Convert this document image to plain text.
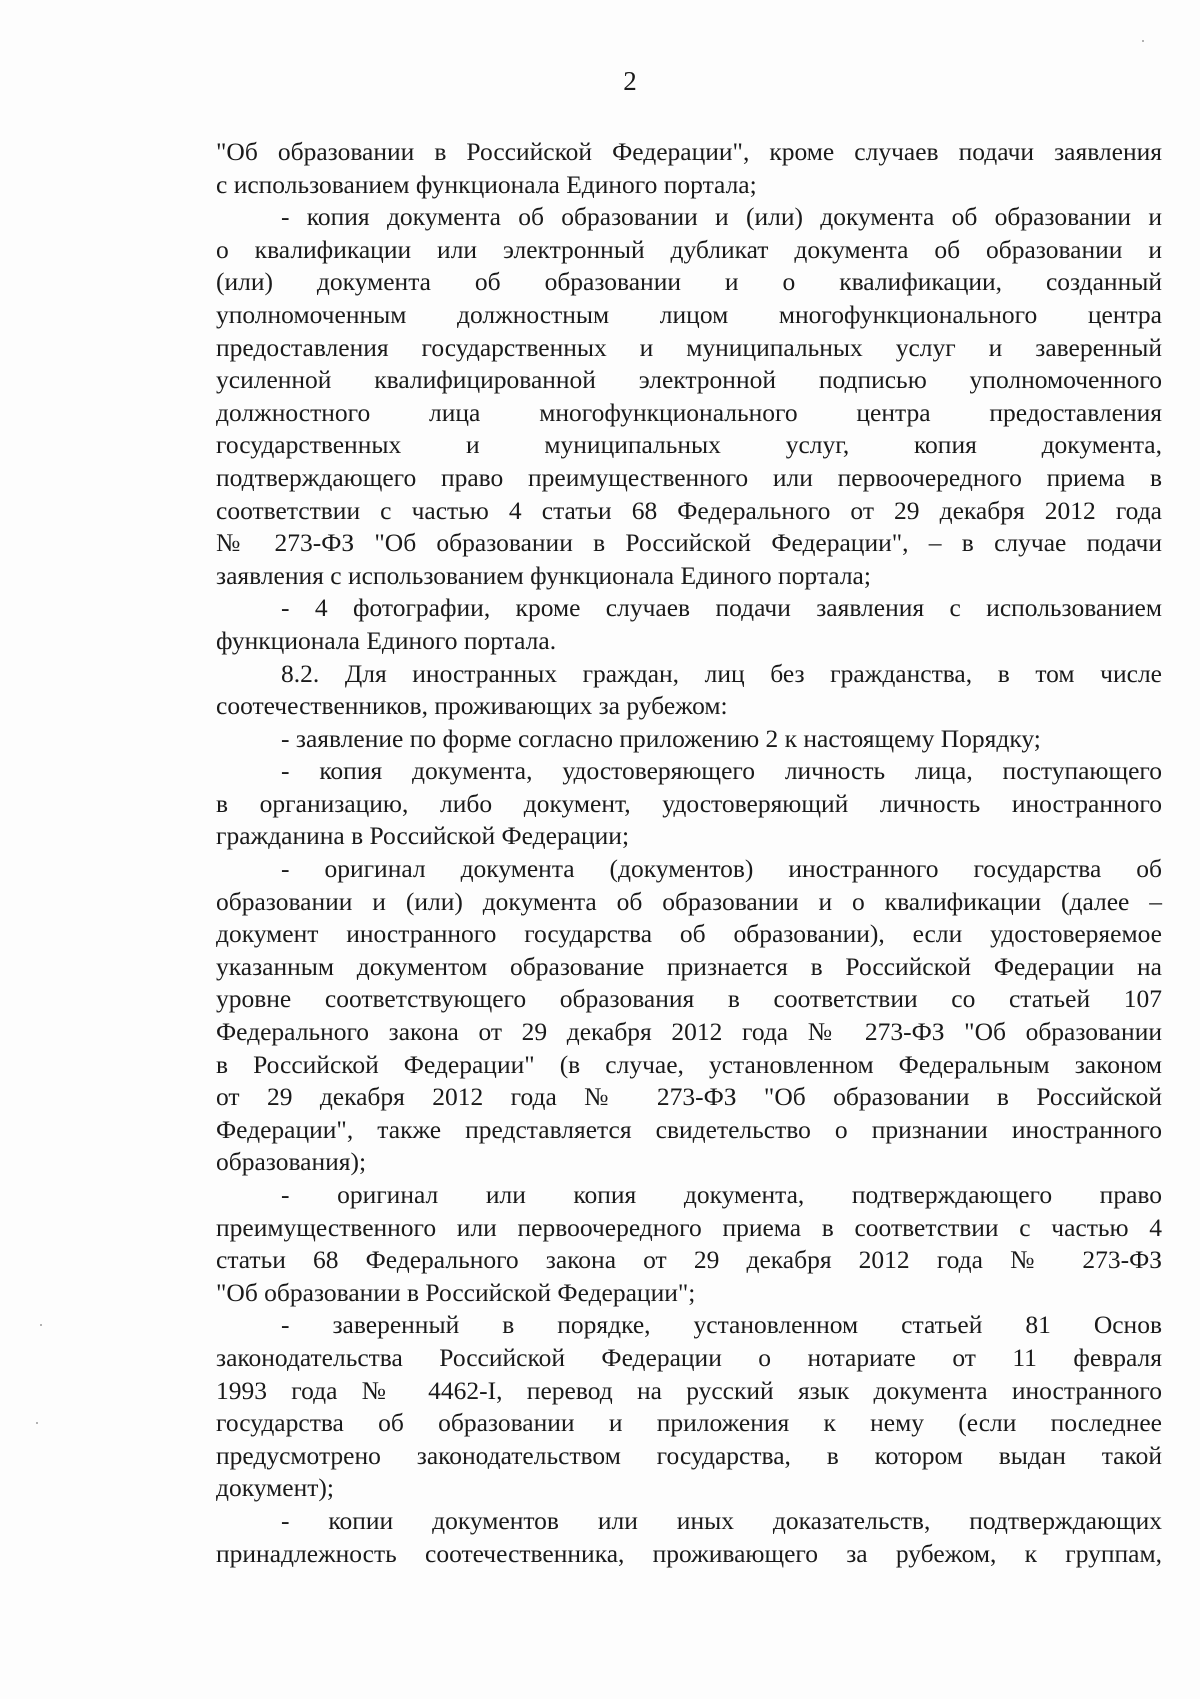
2

"Об образовании в Российской Федерации", кроме случаев подачи заявления
с использованием функционала Единого портала;

- копия документа об образовании и (или) документа об образовании и
о квалификации или электронный дубликат документа об образовании и
(или) документа об образовании и о квалификации, созданный
уполномоченным должностным лицом многофункционального центра
предоставления государственных и муниципальных услуг и заверенный
усиленной квалифицированной электронной подписью уполномоченного
должностного лица многофункционального центра предоставления
государственных и муниципальных услуг, копия документа,
подтверждающего право преимущественного или первоочередного приема в
соответствии с частью 4 статьи 68 Федерального от 29 декабря 2012 года
№ 273-ФЗ "Об образовании в Российской Федерации", – в случае подачи
заявления с использованием функционала Единого портала;

- 4 фотографии, кроме случаев подачи заявления с использованием
функционала Единого портала.

8.2. Для иностранных граждан, лиц без гражданства, в том числе
соотечественников, проживающих за рубежом:

- заявление по форме согласно приложению 2 к настоящему Порядку;

- копия документа, удостоверяющего личность лица, поступающего
в организацию, либо документ, удостоверяющий личность иностранного
гражданина в Российской Федерации;

- оригинал документа (документов) иностранного государства об
образовании и (или) документа об образовании и о квалификации (далее –
документ иностранного государства об образовании), если удостоверяемое
указанным документом образование признается в Российской Федерации на
уровне соответствующего образования в соответствии со статьей 107
Федерального закона от 29 декабря 2012 года № 273-ФЗ "Об образовании
в Российской Федерации" (в случае, установленном Федеральным законом
от 29 декабря 2012 года № 273-ФЗ "Об образовании в Российской
Федерации", также представляется свидетельство о признании иностранного
образования);

- оригинал или копия документа, подтверждающего право
преимущественного или первоочередного приема в соответствии с частью 4
статьи 68 Федерального закона от 29 декабря 2012 года № 273-ФЗ
"Об образовании в Российской Федерации";

- заверенный в порядке, установленном статьей 81 Основ
законодательства Российской Федерации о нотариате от 11 февраля
1993 года № 4462-I, перевод на русский язык документа иностранного
государства об образовании и приложения к нему (если последнее
предусмотрено законодательством государства, в котором выдан такой
документ);

- копии документов или иных доказательств, подтверждающих
принадлежность соотечественника, проживающего за рубежом, к группам,
